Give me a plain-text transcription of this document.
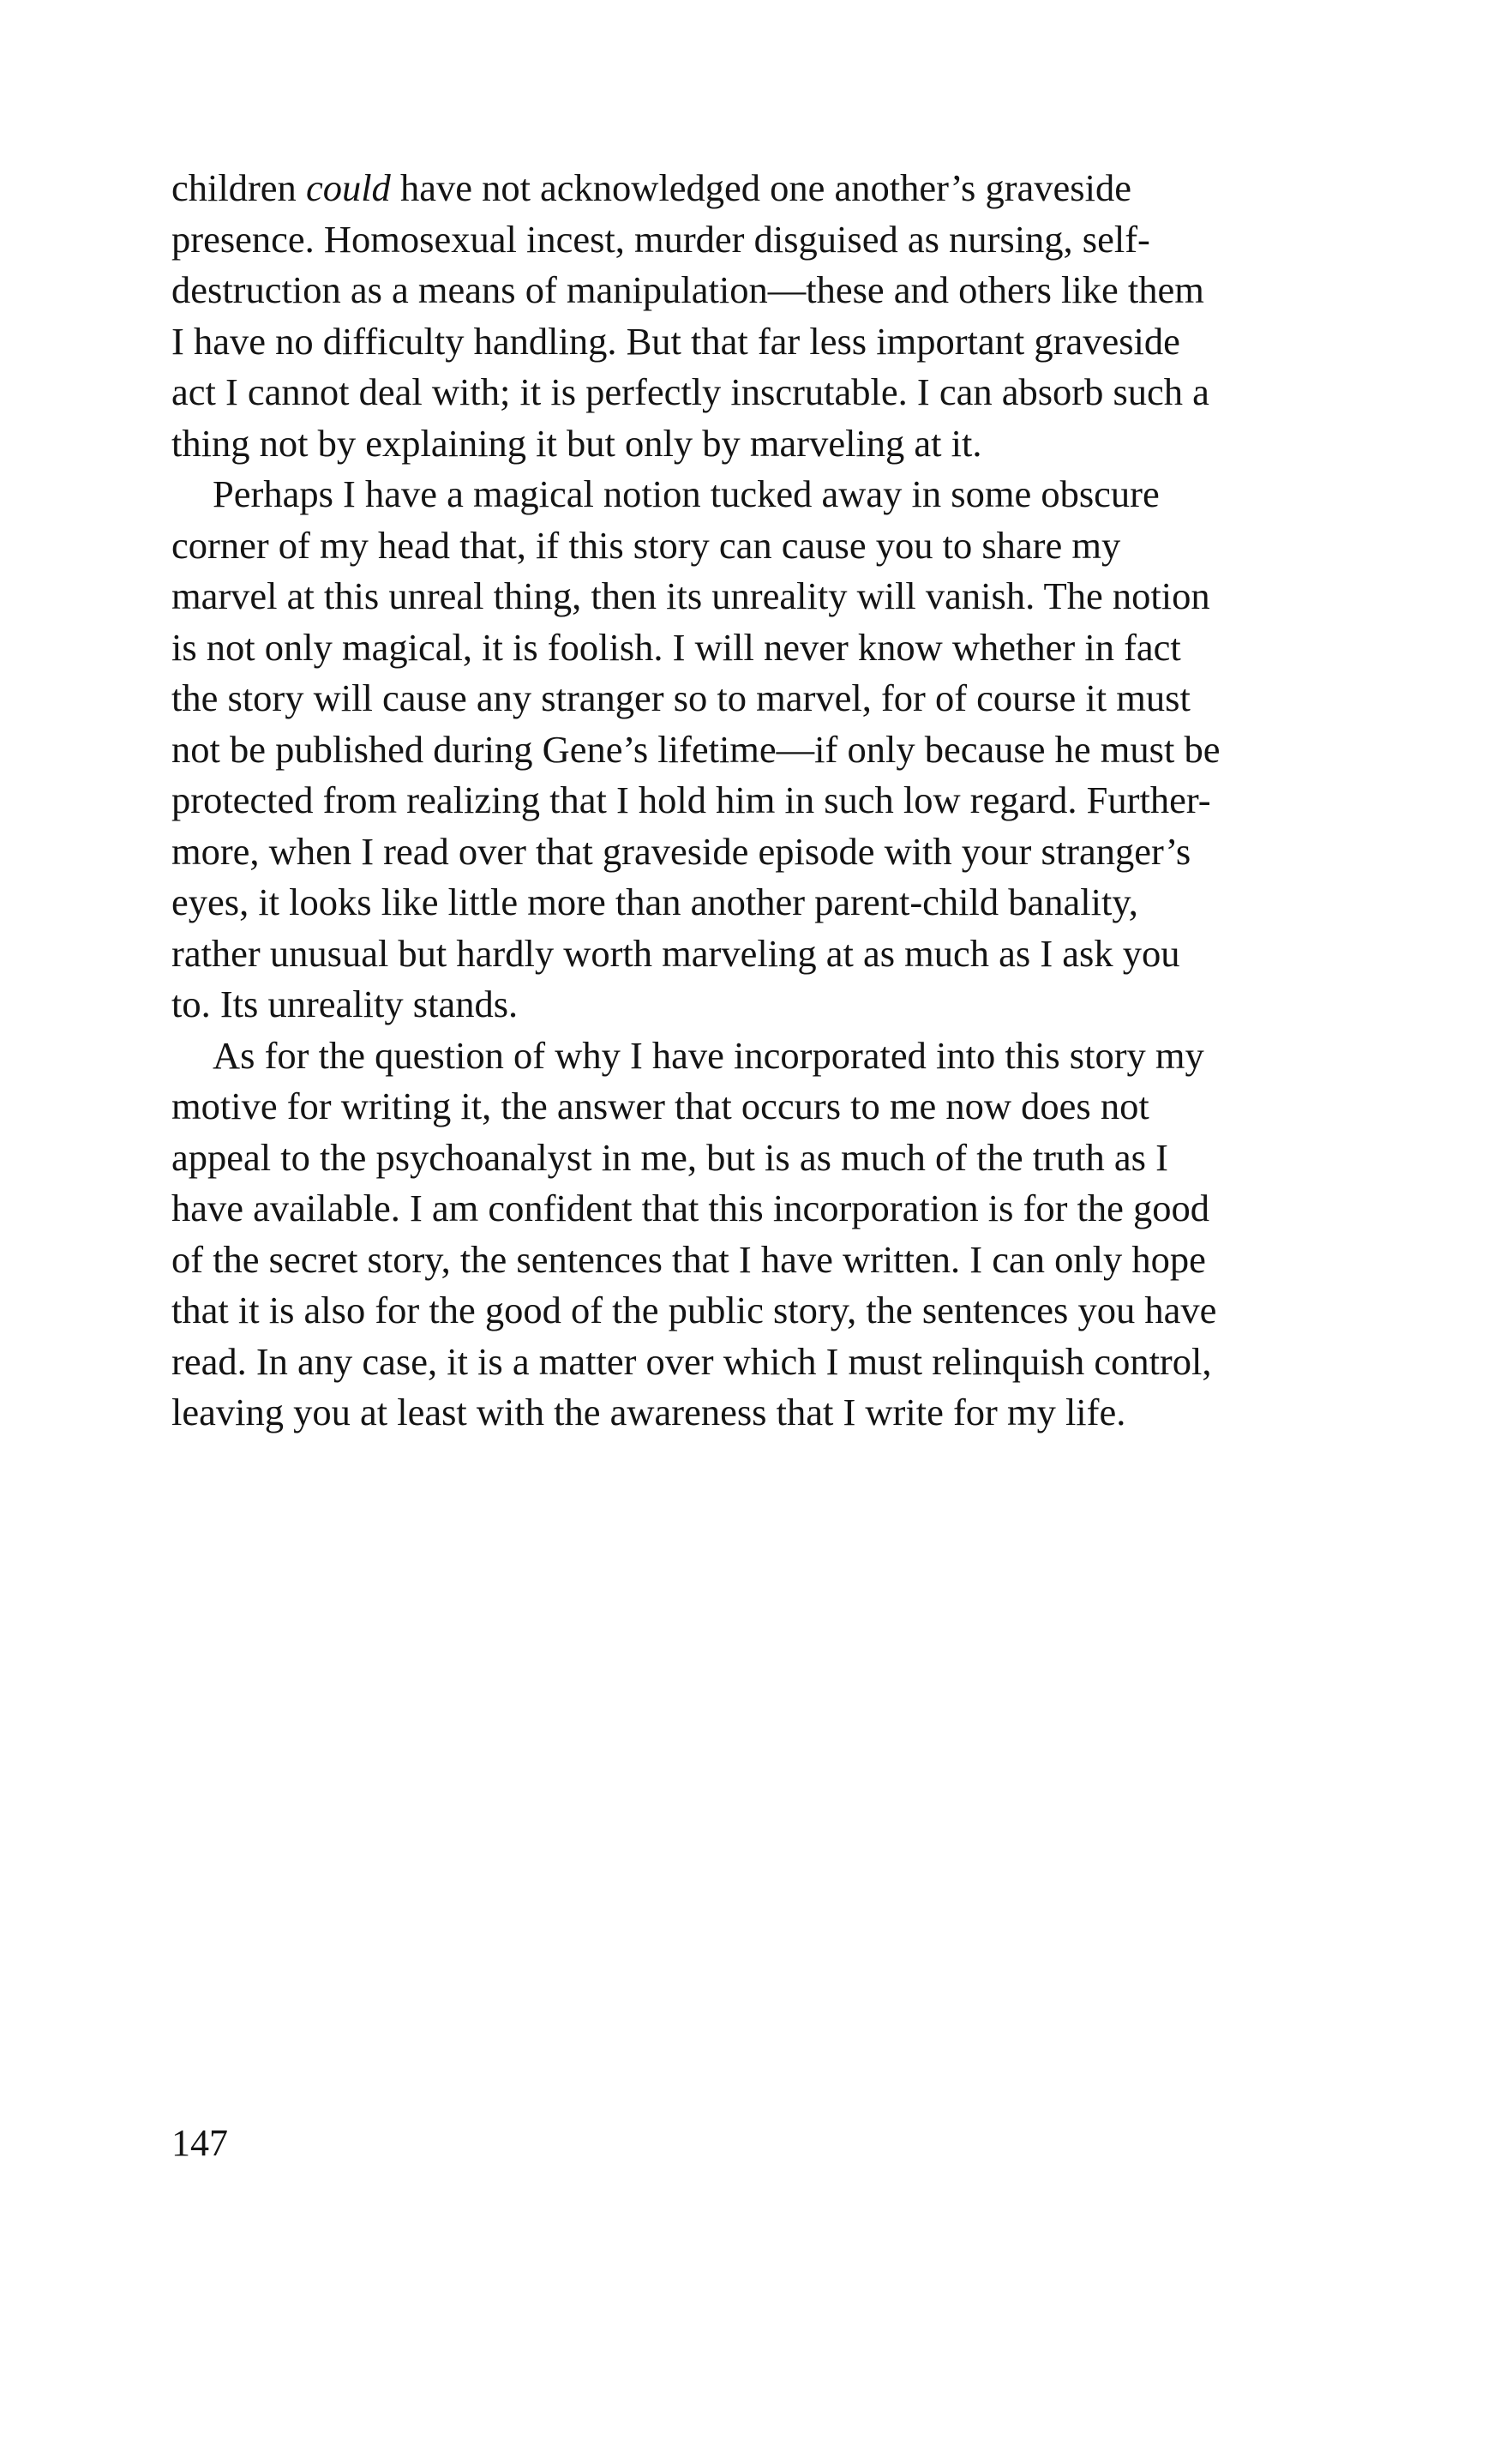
children could have not acknowledged one another’s graveside
presence. Homosexual incest, murder disguised as nursing, self-
destruction as a means of manipulation—these and others like them
I have no difficulty handling. But that far less important graveside
act I cannot deal with; it is perfectly inscrutable. I can absorb such a
thing not by explaining it but only by marveling at it.
Perhaps I have a magical notion tucked away in some obscure
corner of my head that, if this story can cause you to share my
marvel at this unreal thing, then its unreality will vanish. The notion
is not only magical, it is foolish. I will never know whether in fact
the story will cause any stranger so to marvel, for of course it must
not be published during Gene’s lifetime—if only because he must be
protected from realizing that I hold him in such low regard. Further-
more, when I read over that graveside episode with your stranger’s
eyes, it looks like little more than another parent-child banality,
rather unusual but hardly worth marveling at as much as I ask you
to. Its unreality stands.
As for the question of why I have incorporated into this story my
motive for writing it, the answer that occurs to me now does not
appeal to the psychoanalyst in me, but is as much of the truth as I
have available. I am confident that this incorporation is for the good
of the secret story, the sentences that I have written. I can only hope
that it is also for the good of the public story, the sentences you have
read. In any case, it is a matter over which I must relinquish control,
leaving you at least with the awareness that I write for my life.
147
